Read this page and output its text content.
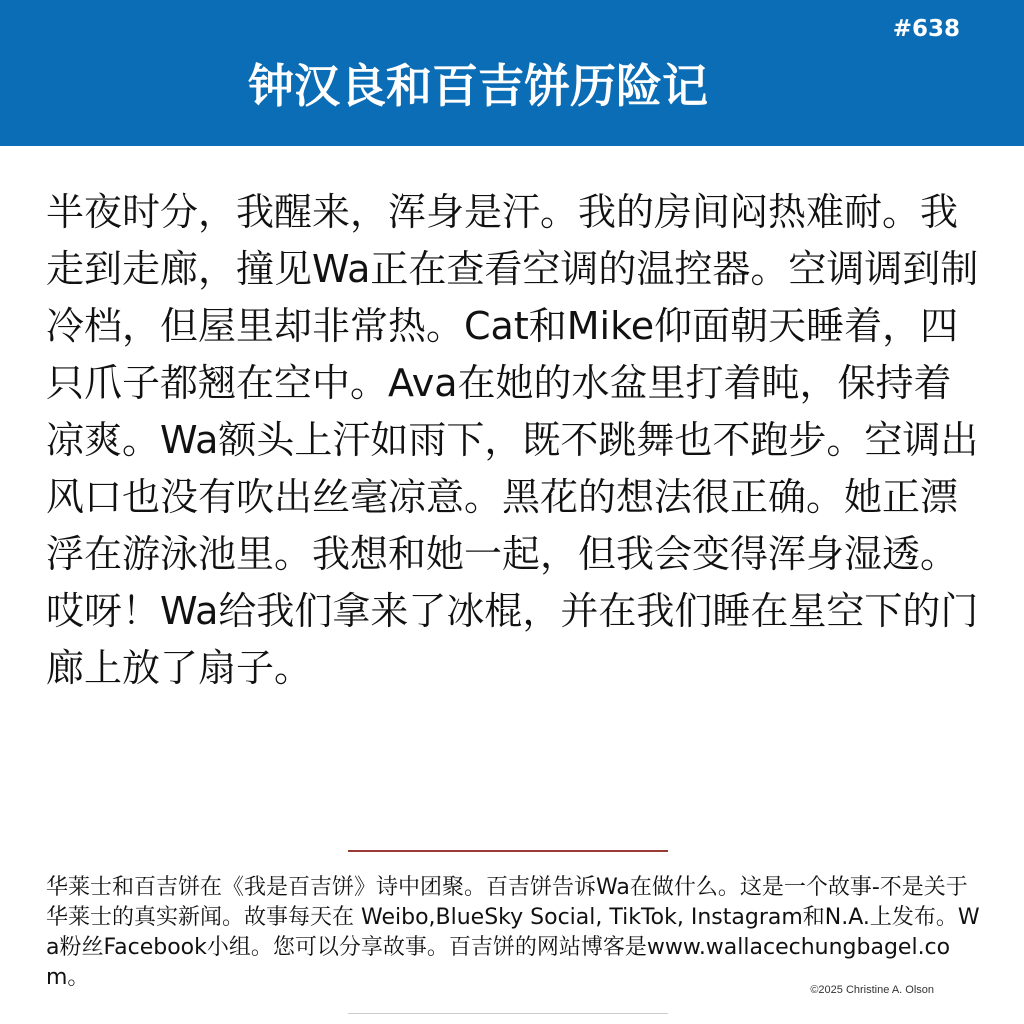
#638
钟汉良和百吉饼历险记
半夜时分，我醒来，浑身是汗。我的房间闷热难耐。我走到走廊，撞见Wa正在查看空调的温控器。空调调到制冷档，但屋里却非常热。Cat和Mike仰面朝天睡着，四只爪子都翘在空中。Ava在她的水盆里打着盹，保持着凉爽。Wa额头上汗如雨下，既不跳舞也不跑步。空调出风口也没有吹出丝毫凉意。黑花的想法很正确。她正漂浮在游泳池里。我想和她一起，但我会变得浑身湿透。哎呀！Wa给我们拿来了冰棍，并在我们睡在星空下的门廊上放了扇子。
华莱士和百吉饼在《我是百吉饼》诗中团聚。百吉饼告诉Wa在做什么。这是一个故事-不是关于华莱士的真实新闻。故事每天在 Weibo,BlueSky Social, TikTok, Instagram和N.A.上发布。Wa粉丝Facebook小组。您可以分享故事。百吉饼的网站博客是www.wallacechungbagel.com。	©2025 Christine A. Olson
